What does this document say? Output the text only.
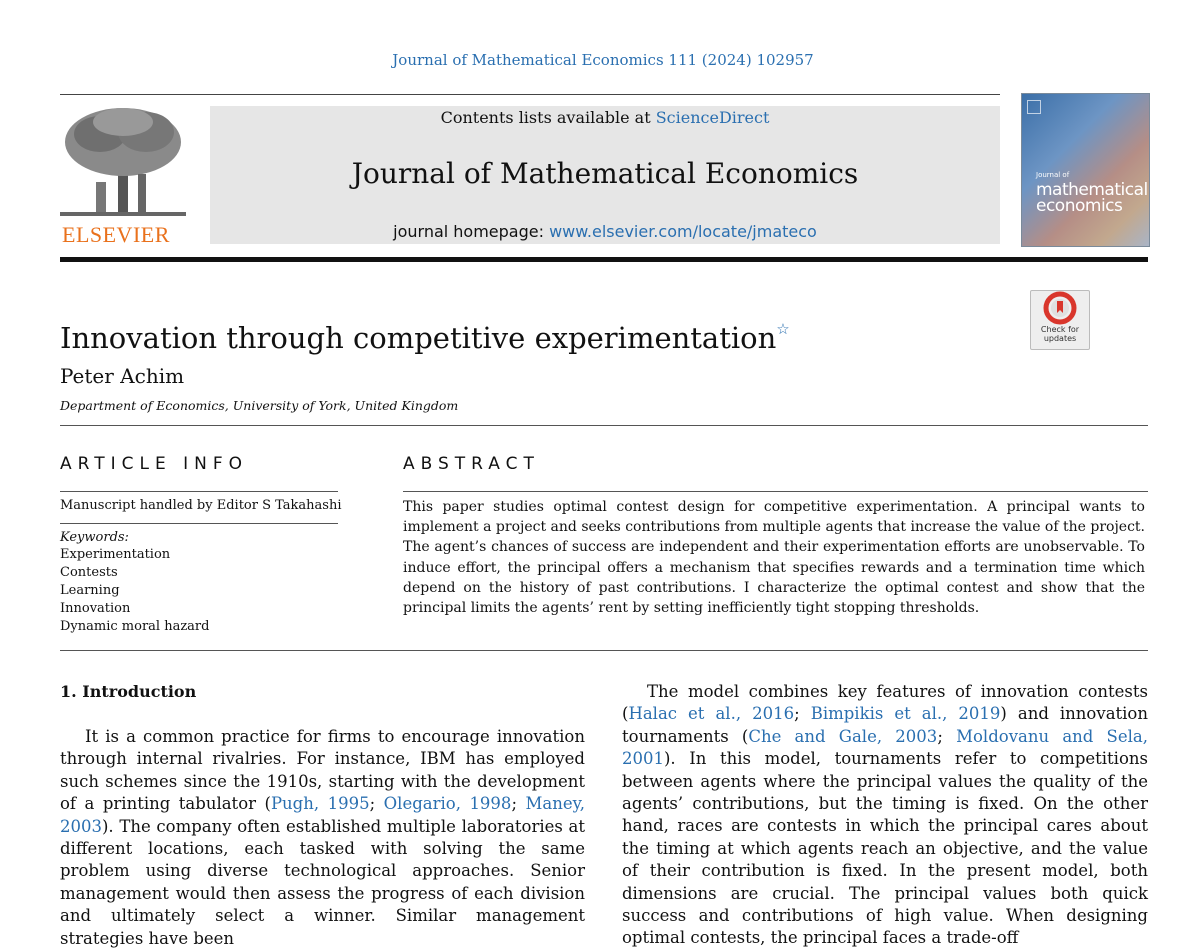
Journal of Mathematical Economics 111 (2024) 102957
ELSEVIER
Contents lists available at ScienceDirect
Journal of Mathematical Economics
journal homepage: www.elsevier.com/locate/jmateco
Journal of
mathematical
economics
Check for
updates
Innovation through competitive experimentation☆
Peter Achim
Department of Economics, University of York, United Kingdom
ARTICLE INFO
Manuscript handled by Editor S Takahashi
Keywords:
Experimentation
Contests
Learning
Innovation
Dynamic moral hazard
ABSTRACT
This paper studies optimal contest design for competitive experimentation. A principal wants to implement a project and seeks contributions from multiple agents that increase the value of the project. The agent’s chances of success are independent and their experimentation efforts are unobservable. To induce effort, the principal offers a mechanism that specifies rewards and a termination time which depend on the history of past contributions. I characterize the optimal contest and show that the principal limits the agents’ rent by setting inefficiently tight stopping thresholds.
1. Introduction
It is a common practice for firms to encourage innovation through internal rivalries. For instance, IBM has employed such schemes since the 1910s, starting with the development of a printing tabulator (Pugh, 1995; Olegario, 1998; Maney, 2003). The company often established multiple laboratories at different locations, each tasked with solving the same problem using diverse technological approaches. Senior management would then assess the progress of each division and ultimately select a winner. Similar management strategies have been
The model combines key features of innovation contests (Halac et al., 2016; Bimpikis et al., 2019) and innovation tournaments (Che and Gale, 2003; Moldovanu and Sela, 2001). In this model, tournaments refer to competitions between agents where the principal values the quality of the agents’ contributions, but the timing is fixed. On the other hand, races are contests in which the principal cares about the timing at which agents reach an objective, and the value of their contribution is fixed. In the present model, both dimensions are crucial. The principal values both quick success and contributions of high value. When designing optimal contests, the principal faces a trade-off
